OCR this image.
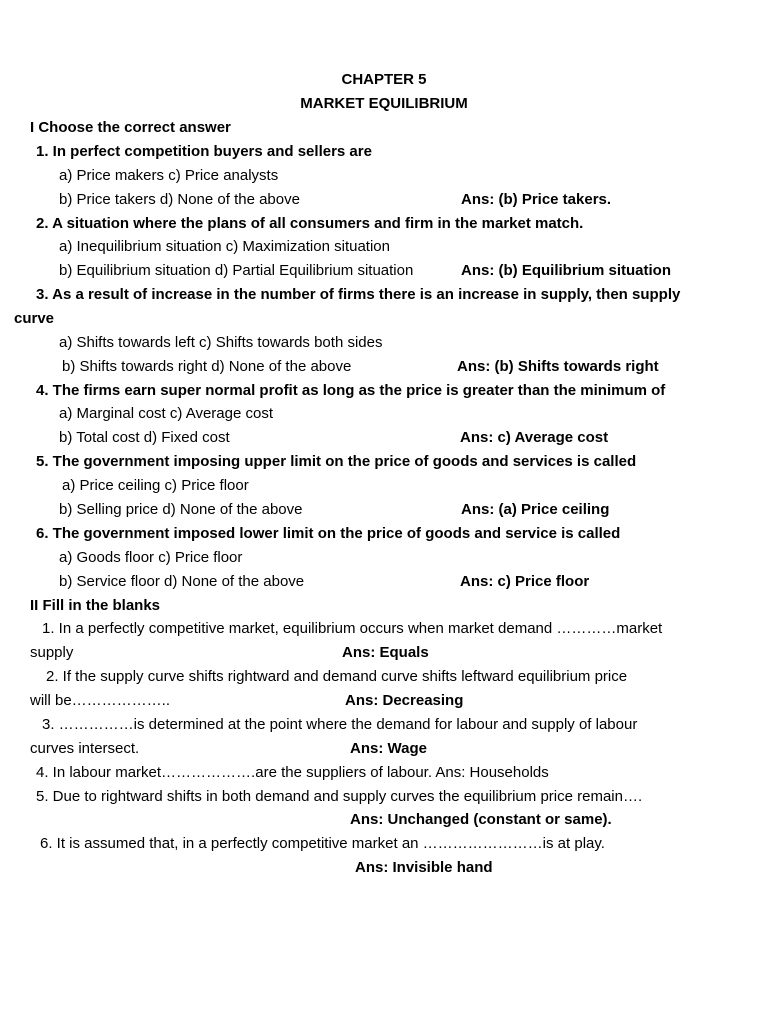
CHAPTER 5
MARKET EQUILIBRIUM
I Choose the correct answer
1. In perfect competition buyers and sellers are
a) Price makers c) Price analysts
b) Price takers d) None of the above	Ans: (b) Price takers.
2. A situation where the plans of all consumers and firm in the market match.
a) Inequilibrium situation c) Maximization situation
b) Equilibrium situation d) Partial Equilibrium situation	Ans: (b) Equilibrium situation
3. As a result of increase in the number of firms there is an increase in supply, then supply
curve
a) Shifts towards left c) Shifts towards both sides
b) Shifts towards right d) None of the above	Ans: (b) Shifts towards right
4. The firms earn super normal profit as long as the price is greater than the minimum of
a) Marginal cost c) Average cost
b) Total cost d) Fixed cost	Ans: c) Average cost
5. The government imposing upper limit on the price of goods and services is called
a) Price ceiling c) Price floor
b) Selling price d) None of the above	Ans: (a) Price ceiling
6. The government imposed lower limit on the price of goods and service is called
a) Goods floor c) Price floor
b) Service floor d) None of the above	Ans: c) Price floor
II Fill in the blanks
1. In a perfectly competitive market, equilibrium occurs when market demand …………market
supply	Ans: Equals
2. If the supply curve shifts rightward and demand curve shifts leftward equilibrium price
will be………………..	Ans: Decreasing
3. ……………is determined at the point where the demand for labour and supply of labour
curves intersect.	Ans: Wage
4. In labour market……………….are the suppliers of labour. Ans: Households
5. Due to rightward shifts in both demand and supply curves the equilibrium price remain….
Ans: Unchanged (constant or same).
6. It is assumed that, in a perfectly competitive market an ……………………is at play.
Ans: Invisible hand
